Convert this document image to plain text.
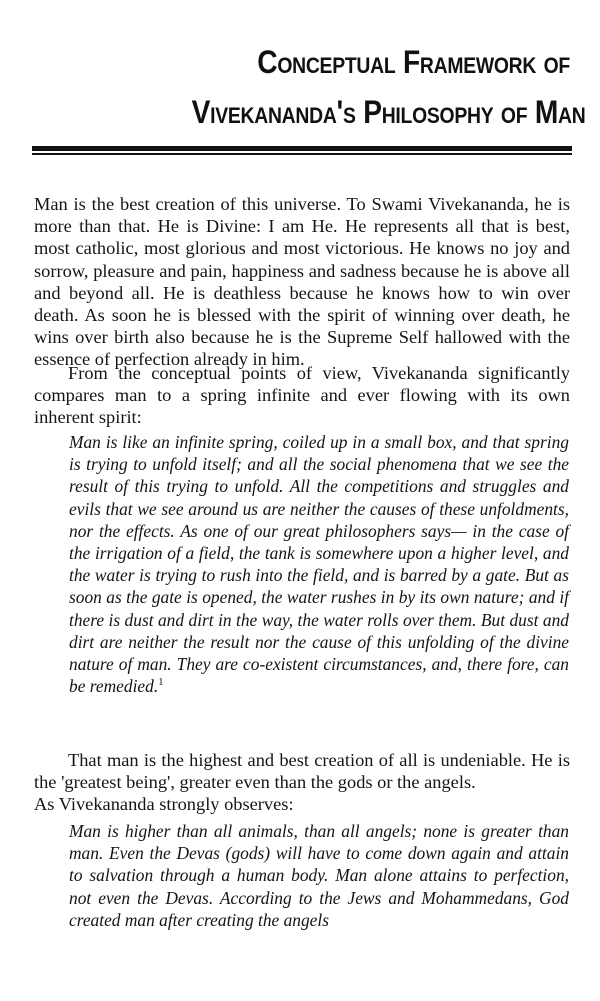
Conceptual Framework of
Vivekananda's Philosophy of Man

Man is the best creation of this universe. To Swami Vivekananda, he is more than that. He is Divine: I am He. He represents all that is best, most catholic, most glorious and most victorious. He knows no joy and sorrow, pleasure and pain, happiness and sadness because he is above all and beyond all. He is deathless because he knows how to win over death. As soon he is blessed with the spirit of winning over death, he wins over birth also because he is the Supreme Self hallowed with the essence of perfection already in him.

From the conceptual points of view, Vivekananda significantly compares man to a spring infinite and ever flowing with its own inherent spirit:

Man is like an infinite spring, coiled up in a small box, and that spring is trying to unfold itself; and all the social phenomena that we see the result of this trying to unfold. All the competitions and struggles and evils that we see around us are neither the causes of these unfoldments, nor the effects. As one of our great philosophers says— in the case of the irrigation of a field, the tank is somewhere upon a higher level, and the water is trying to rush into the field, and is barred by a gate. But as soon as the gate is opened, the water rushes in by its own nature; and if there is dust and dirt in the way, the water rolls over them. But dust and dirt are neither the result nor the cause of this unfolding of the divine nature of man. They are co-existent circumstances, and, there fore, can be remedied.$^1$

That man is the highest and best creation of all is undeniable. He is the 'greatest being', greater even than the gods or the angels.

As Vivekananda strongly observes:

Man is higher than all animals, than all angels; none is greater than man. Even the Devas (gods) will have to come down again and attain to salvation through a human body. Man alone attains to perfection, not even the Devas. According to the Jews and Mohammedans, God created man after creating the angels
